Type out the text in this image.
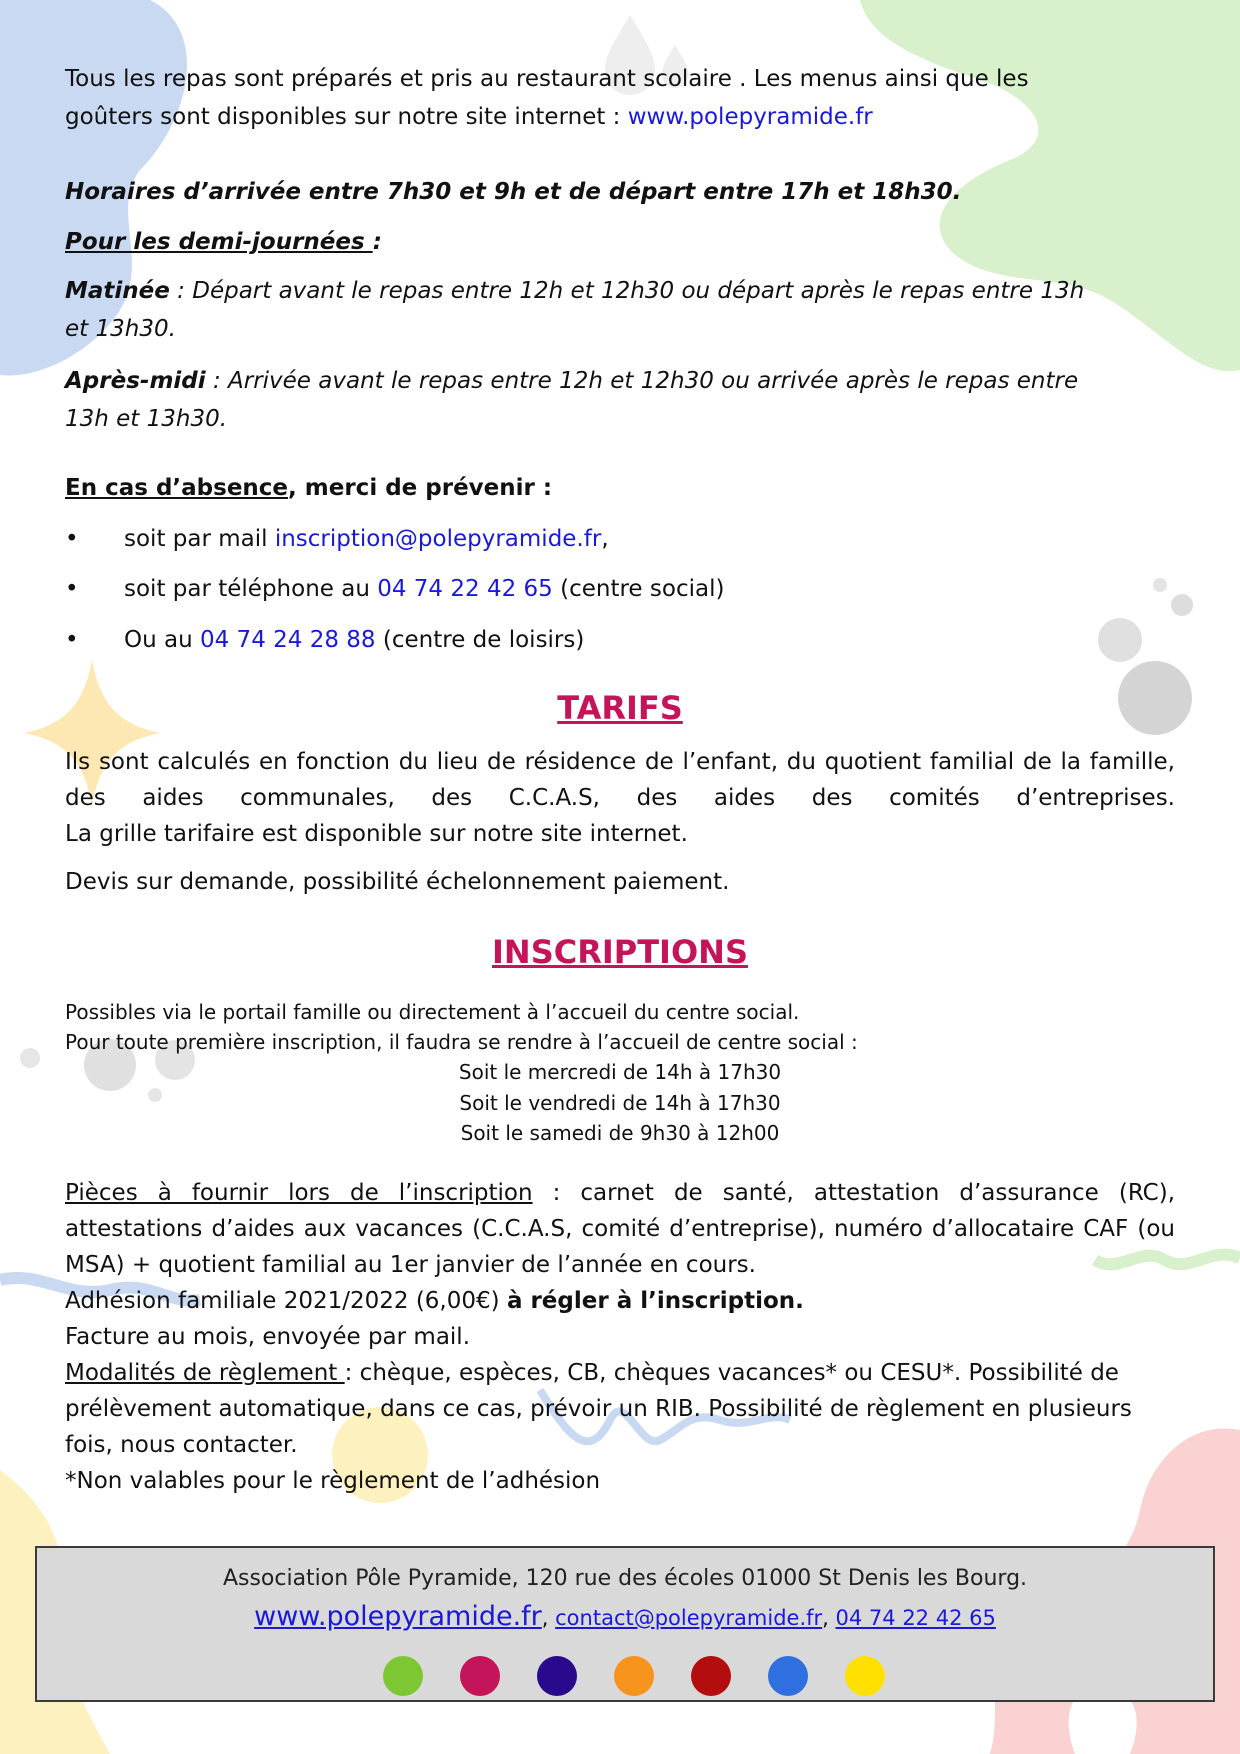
Tous les repas sont préparés et pris au restaurant scolaire . Les menus ainsi que les

goûters sont disponibles sur notre site internet : www.polepyramide.fr

Horaires d’arrivée entre 7h30 et 9h et de départ entre 17h et 18h30.

Pour les demi-journées :

Matinée : Départ avant le repas entre 12h et 12h30 ou départ après le repas entre 13h

et 13h30.

Après-midi : Arrivée avant le repas entre 12h et 12h30 ou arrivée après le repas entre

13h et 13h30.

En cas d’absence, merci de prévenir :

• soit par mail inscription@polepyramide.fr,
• soit par téléphone au 04 74 22 42 65 (centre social)
• Ou au 04 74 24 28 88 (centre de loisirs)
TARIFS

Ils sont calculés en fonction du lieu de résidence de l’enfant, du quotient familial de la famille,

des aides communales, des C.C.A.S, des aides des comités d’entreprises.

La grille tarifaire est disponible sur notre site internet.

Devis sur demande, possibilité échelonnement paiement.

INSCRIPTIONS

Possibles via le portail famille ou directement à l’accueil du centre social.

Pour toute première inscription, il faudra se rendre à l’accueil de centre social :

Soit le mercredi de 14h à 17h30

Soit le vendredi de 14h à 17h30

Soit le samedi de 9h30 à 12h00

Pièces à fournir lors de l’inscription : carnet de santé, attestation d’assurance (RC),

attestations d’aides aux vacances (C.C.A.S, comité d’entreprise), numéro d’allocataire CAF (ou

MSA) + quotient familial au 1er janvier de l’année en cours.

Adhésion familiale 2021/2022 (6,00€) à régler à l’inscription.

Facture au mois, envoyée par mail.

Modalités de règlement : chèque, espèces, CB, chèques vacances* ou CESU*. Possibilité de

prélèvement automatique, dans ce cas, prévoir un RIB. Possibilité de règlement en plusieurs

fois, nous contacter.

*Non valables pour le règlement de l’adhésion

Association Pôle Pyramide, 120 rue des écoles 01000 St Denis les Bourg.
www.polepyramide.fr, contact@polepyramide.fr, 04 74 22 42 65
